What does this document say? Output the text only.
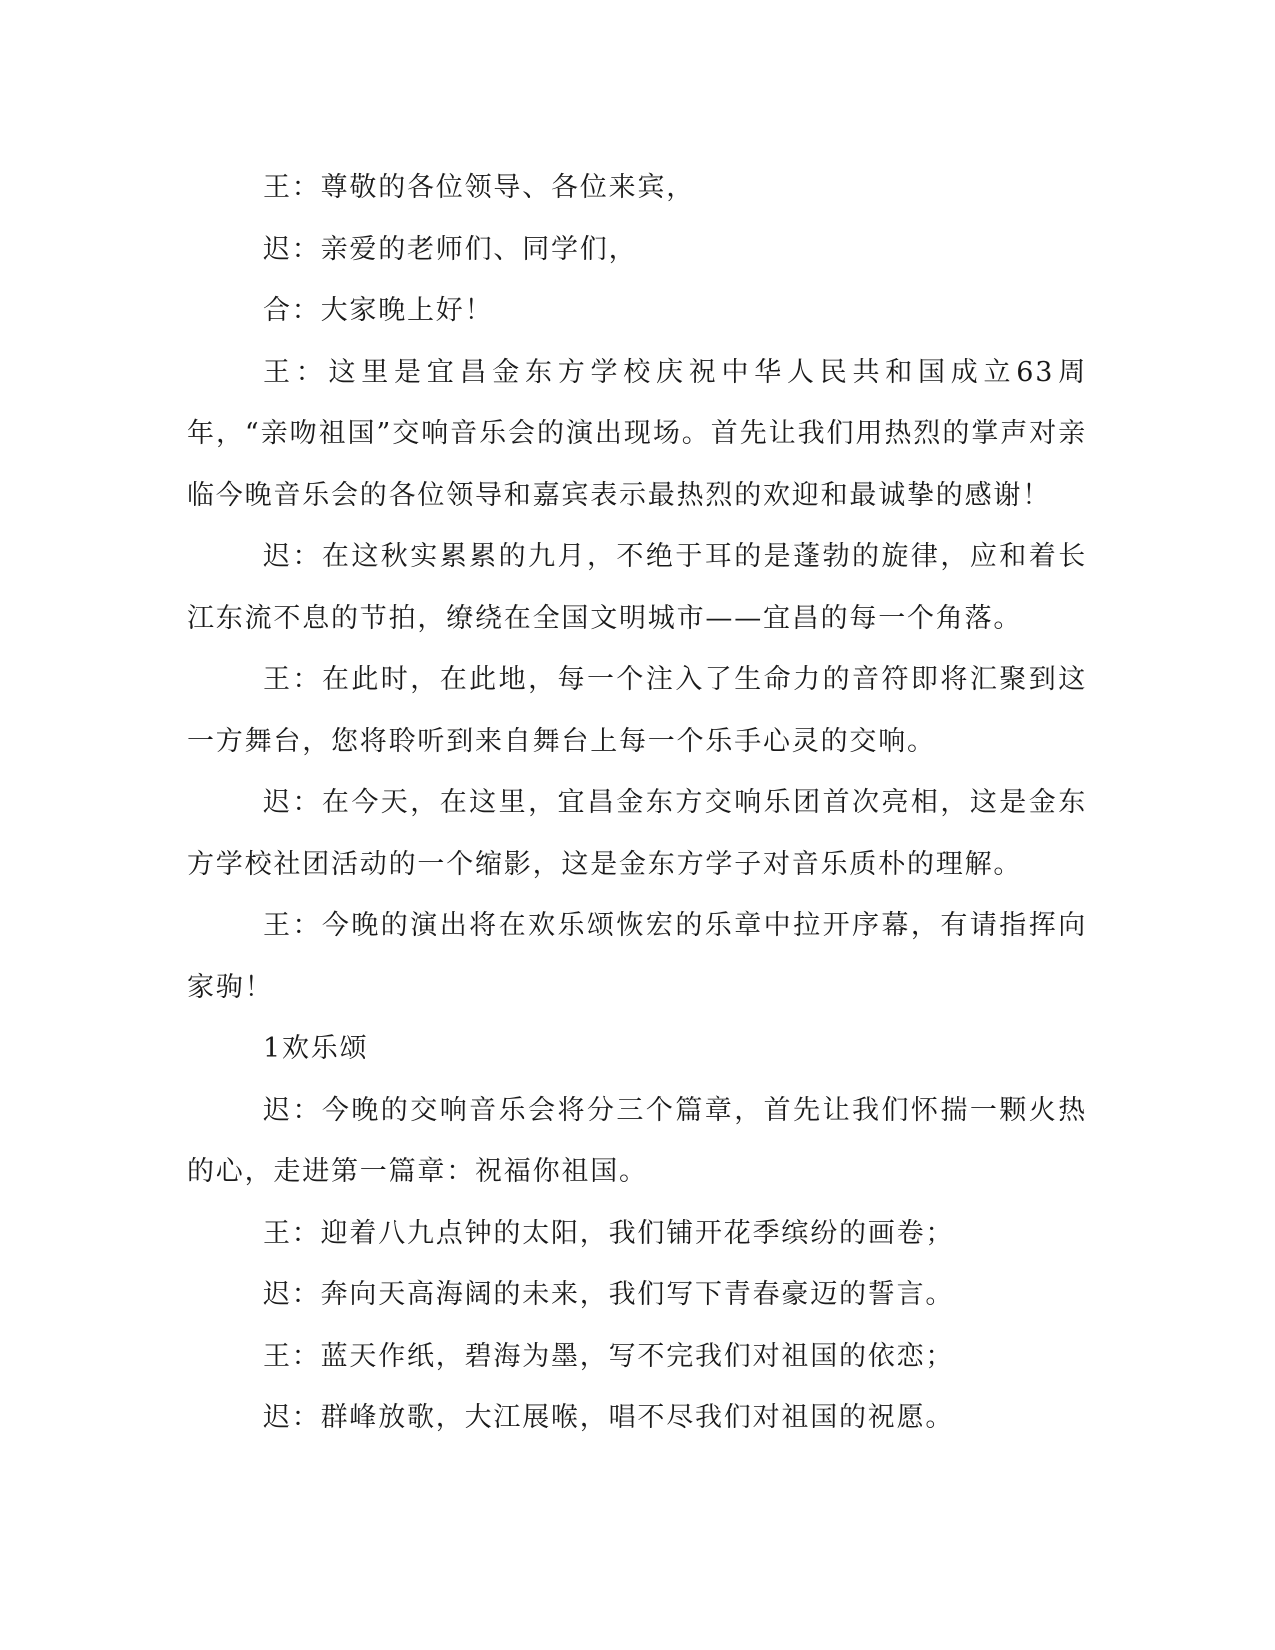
王：尊敬的各位领导、各位来宾，

迟：亲爱的老师们、同学们，

合：大家晚上好！

王：这里是宜昌金东方学校庆祝中华人民共和国成立63周年，“亲吻祖国”交响音乐会的演出现场。首先让我们用热烈的掌声对亲临今晚音乐会的各位领导和嘉宾表示最热烈的欢迎和最诚挚的感谢！

迟：在这秋实累累的九月，不绝于耳的是蓬勃的旋律，应和着长江东流不息的节拍，缭绕在全国文明城市——宜昌的每一个角落。

王：在此时，在此地，每一个注入了生命力的音符即将汇聚到这一方舞台，您将聆听到来自舞台上每一个乐手心灵的交响。

迟：在今天，在这里，宜昌金东方交响乐团首次亮相，这是金东方学校社团活动的一个缩影，这是金东方学子对音乐质朴的理解。

王：今晚的演出将在欢乐颂恢宏的乐章中拉开序幕，有请指挥向家驹！

1欢乐颂

迟：今晚的交响音乐会将分三个篇章，首先让我们怀揣一颗火热的心，走进第一篇章：祝福你祖国。

王：迎着八九点钟的太阳，我们铺开花季缤纷的画卷；

迟：奔向天高海阔的未来，我们写下青春豪迈的誓言。

王：蓝天作纸，碧海为墨，写不完我们对祖国的依恋；

迟：群峰放歌，大江展喉，唱不尽我们对祖国的祝愿。
